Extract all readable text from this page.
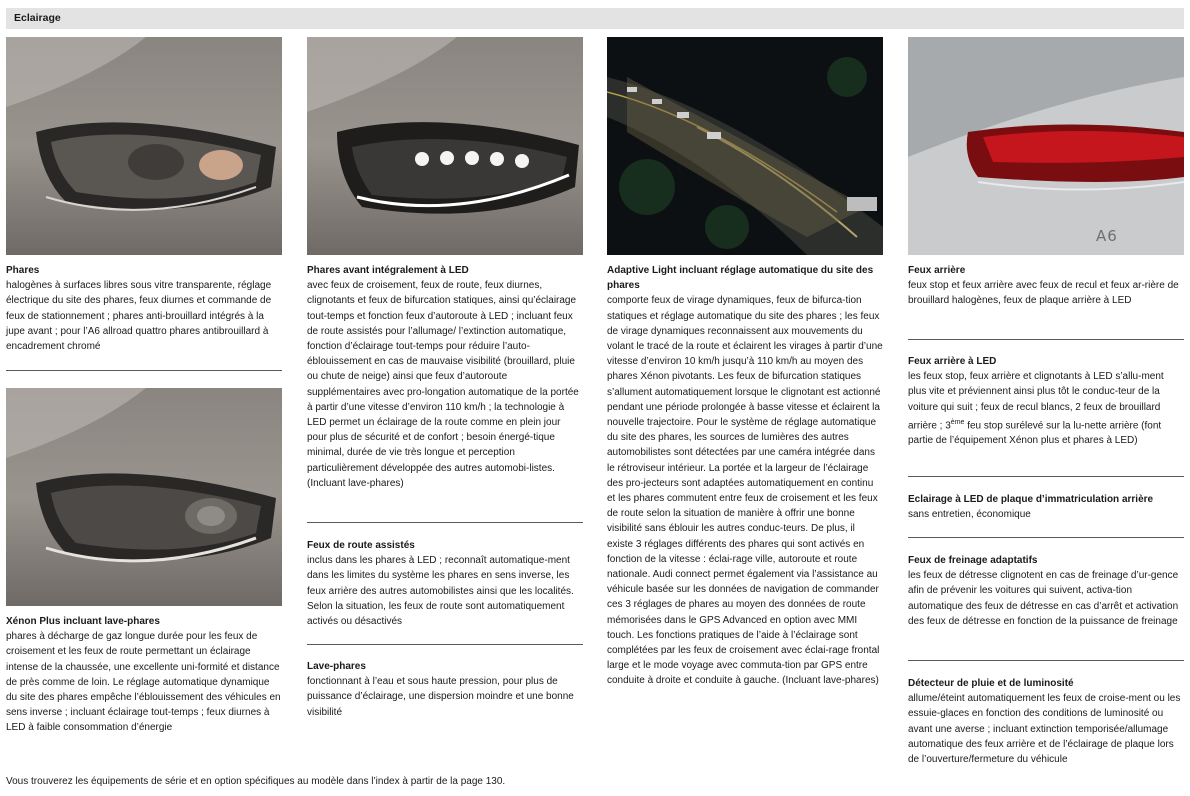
Eclairage
Phares
halogènes à surfaces libres sous vitre transparente, réglage électrique du site des phares, feux diurnes et commande de feux de stationnement ; phares anti-brouillard intégrés à la jupe avant ; pour l’A6 allroad quattro phares antibrouillard à encadrement chromé
Xénon Plus incluant lave-phares
phares à décharge de gaz longue durée pour les feux de croisement et les feux de route permettant un éclairage intense de la chaussée, une excellente uni-formité et distance de près comme de loin. Le réglage automatique dynamique du site des phares empêche l’éblouissement des véhicules en sens inverse ; incluant éclairage tout-temps ; feux diurnes à LED à faible consommation d’énergie
Phares avant intégralement à LED
avec feux de croisement, feux de route, feux diurnes, clignotants et feux de bifurcation statiques, ainsi qu’éclairage tout-temps et fonction feux d’autoroute à LED ; incluant feux de route assistés pour l’allumage/ l’extinction automatique, fonction d’éclairage tout-temps pour réduire l’auto-éblouissement en cas de mauvaise visibilité (brouillard, pluie ou chute de neige) ainsi que feux d’autoroute supplémentaires avec pro-longation automatique de la portée à partir d’une vitesse d’environ 110 km/h ; la technologie à LED permet un éclairage de la route comme en plein jour pour plus de sécurité et de confort ; besoin énergé-tique minimal, durée de vie très longue et perception particulièrement développée des autres automobi-listes. (Incluant lave-phares)
Feux de route assistés
inclus dans les phares à LED ; reconnaît automatique-ment dans les limites du système les phares en sens inverse, les feux arrière des autres automobilistes ainsi que les localités. Selon la situation, les feux de route sont automatiquement activés ou désactivés
Lave-phares
fonctionnant à l’eau et sous haute pression, pour plus de puissance d’éclairage, une dispersion moindre et une bonne visibilité
Adaptive Light incluant réglage automatique du site des phares
comporte feux de virage dynamiques, feux de bifurca-tion statiques et réglage automatique du site des phares ; les feux de virage dynamiques reconnaissent aux mouvements du volant le tracé de la route et éclairent les virages à partir d’une vitesse d’environ 10 km/h jusqu’à 110 km/h au moyen des phares Xénon pivotants. Les feux de bifurcation statiques s’allument automatiquement lorsque le clignotant est actionné pendant une période prolongée à basse vitesse et éclairent la nouvelle trajectoire. Pour le système de réglage automatique du site des phares, les sources de lumières des autres automobilistes sont détectées par une caméra intégrée dans le rétroviseur intérieur. La portée et la largeur de l’éclairage des pro-jecteurs sont adaptées automatiquement en continu et les phares commutent entre feux de croisement et les feux de route selon la situation de manière à offrir une bonne visibilité sans éblouir les autres conduc-teurs. De plus, il existe 3 réglages différents des phares qui sont activés en fonction de la vitesse : éclai-rage ville, autoroute et route nationale. Audi connect permet également via l’assistance au véhicule basée sur les données de navigation de commander ces 3 réglages de phares au moyen des données de route mémorisées dans le GPS Advanced en option avec MMI touch. Les fonctions pratiques de l’aide à l’éclairage sont complétées par les feux de croisement avec éclai-rage frontal large et le mode voyage avec commuta-tion par GPS entre conduite à droite et conduite à gauche. (Incluant lave-phares)
A6
Feux arrière
feux stop et feux arrière avec feux de recul et feux ar-rière de brouillard halogènes, feux de plaque arrière à LED
Feux arrière à LED
les feux stop, feux arrière et clignotants à LED s’allu-ment plus vite et préviennent ainsi plus tôt le conduc-teur de la voiture qui suit ; feux de recul blancs, 2 feux de brouillard arrière ; 3ème feu stop surélevé sur la lu-nette arrière (font partie de l’équipement Xénon plus et phares à LED)
Eclairage à LED de plaque d’immatriculation arrière
sans entretien, économique
Feux de freinage adaptatifs
les feux de détresse clignotent en cas de freinage d’ur-gence afin de prévenir les voitures qui suivent, activa-tion automatique des feux de détresse en cas d’arrêt et activation des feux de détresse en fonction de la puissance de freinage
Détecteur de pluie et de luminosité
allume/éteint automatiquement les feux de croise-ment ou les essuie-glaces en fonction des conditions de luminosité ou avant une averse ; incluant extinction temporisée/allumage automatique des feux arrière et de l’éclairage de plaque lors de l’ouverture/fermeture du véhicule
Vous trouverez les équipements de série et en option spécifiques au modèle dans l’index à partir de la page 130.
